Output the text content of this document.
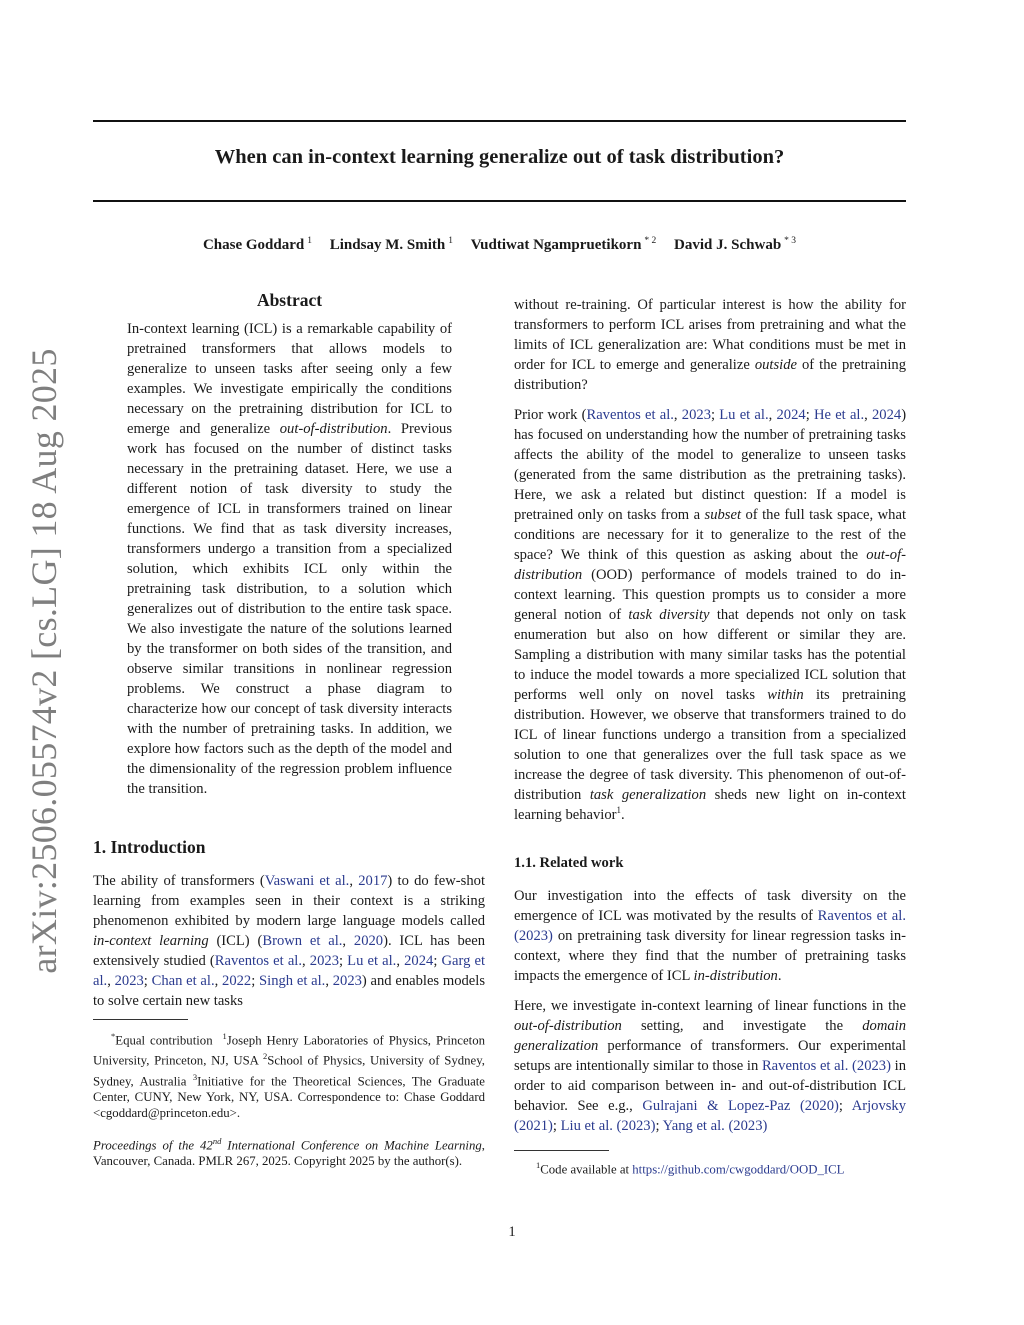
When can in-context learning generalize out of task distribution?
Chase Goddard $^1$ Lindsay M. Smith $^1$ Vudtiwat Ngampruetikorn $^{* 2}$ David J. Schwab $^{* 3}$
arXiv:2506.05574v2 [cs.LG] 18 Aug 2025
Abstract

In-context learning (ICL) is a remarkable capability of pretrained transformers that allows models to generalize to unseen tasks after seeing only a few examples. We investigate empirically the conditions necessary on the pretraining distribution for ICL to emerge and generalize out-of-distribution. Previous work has focused on the number of distinct tasks necessary in the pretraining dataset. Here, we use a different notion of task diversity to study the emergence of ICL in transformers trained on linear functions. We find that as task diversity increases, transformers undergo a transition from a specialized solution, which exhibits ICL only within the pretraining task distribution, to a solution which generalizes out of distribution to the entire task space. We also investigate the nature of the solutions learned by the transformer on both sides of the transition, and observe similar transitions in nonlinear regression problems. We construct a phase diagram to characterize how our concept of task diversity interacts with the number of pretraining tasks. In addition, we explore how factors such as the depth of the model and the dimensionality of the regression problem influence the transition.

1. Introduction

The ability of transformers (Vaswani et al., 2017) to do few-shot learning from examples seen in their context is a striking phenomenon exhibited by modern large language models called in-context learning (ICL) (Brown et al., 2020). ICL has been extensively studied (Raventos et al., 2023; Lu et al., 2024; Garg et al., 2023; Chan et al., 2022; Singh et al., 2023) and enables models to solve certain new tasks

*Equal contribution $^1$Joseph Henry Laboratories of Physics, Princeton University, Princeton, NJ, USA $^2$School of Physics, University of Sydney, Sydney, Australia $^3$Initiative for the Theoretical Sciences, The Graduate Center, CUNY, New York, NY, USA. Correspondence to: Chase Goddard <cgoddard@princeton.edu>.
Proceedings of the 42nd International Conference on Machine Learning, Vancouver, Canada. PMLR 267, 2025. Copyright 2025 by the author(s).

without re-training. Of particular interest is how the ability for transformers to perform ICL arises from pretraining and what the limits of ICL generalization are: What conditions must be met in order for ICL to emerge and generalize outside of the pretraining distribution?

Prior work (Raventos et al., 2023; Lu et al., 2024; He et al., 2024) has focused on understanding how the number of pretraining tasks affects the ability of the model to generalize to unseen tasks (generated from the same distribution as the pretraining tasks). Here, we ask a related but distinct question: If a model is pretrained only on tasks from a subset of the full task space, what conditions are necessary for it to generalize to the rest of the space? We think of this question as asking about the out-of-distribution (OOD) performance of models trained to do in-context learning. This question prompts us to consider a more general notion of task diversity that depends not only on task enumeration but also on how different or similar they are. Sampling a distribution with many similar tasks has the potential to induce the model towards a more specialized ICL solution that performs well only on novel tasks within its pretraining distribution. However, we observe that transformers trained to do ICL of linear functions undergo a transition from a specialized solution to one that generalizes over the full task space as we increase the degree of task diversity. This phenomenon of out-of-distribution task generalization sheds new light on in-context learning behavior$^1$.

1.1. Related work

Our investigation into the effects of task diversity on the emergence of ICL was motivated by the results of Raventos et al. (2023) on pretraining task diversity for linear regression tasks in-context, where they find that the number of pretraining tasks impacts the emergence of ICL in-distribution.

Here, we investigate in-context learning of linear functions in the out-of-distribution setting, and investigate the domain generalization performance of transformers. Our experimental setups are intentionally similar to those in Raventos et al. (2023) in order to aid comparison between in- and out-of-distribution ICL behavior. See e.g., Gulrajani & Lopez-Paz (2020); Arjovsky (2021); Liu et al. (2023); Yang et al. (2023)

$^1$Code available at https://github.com/cwgoddard/OOD_ICL
1
